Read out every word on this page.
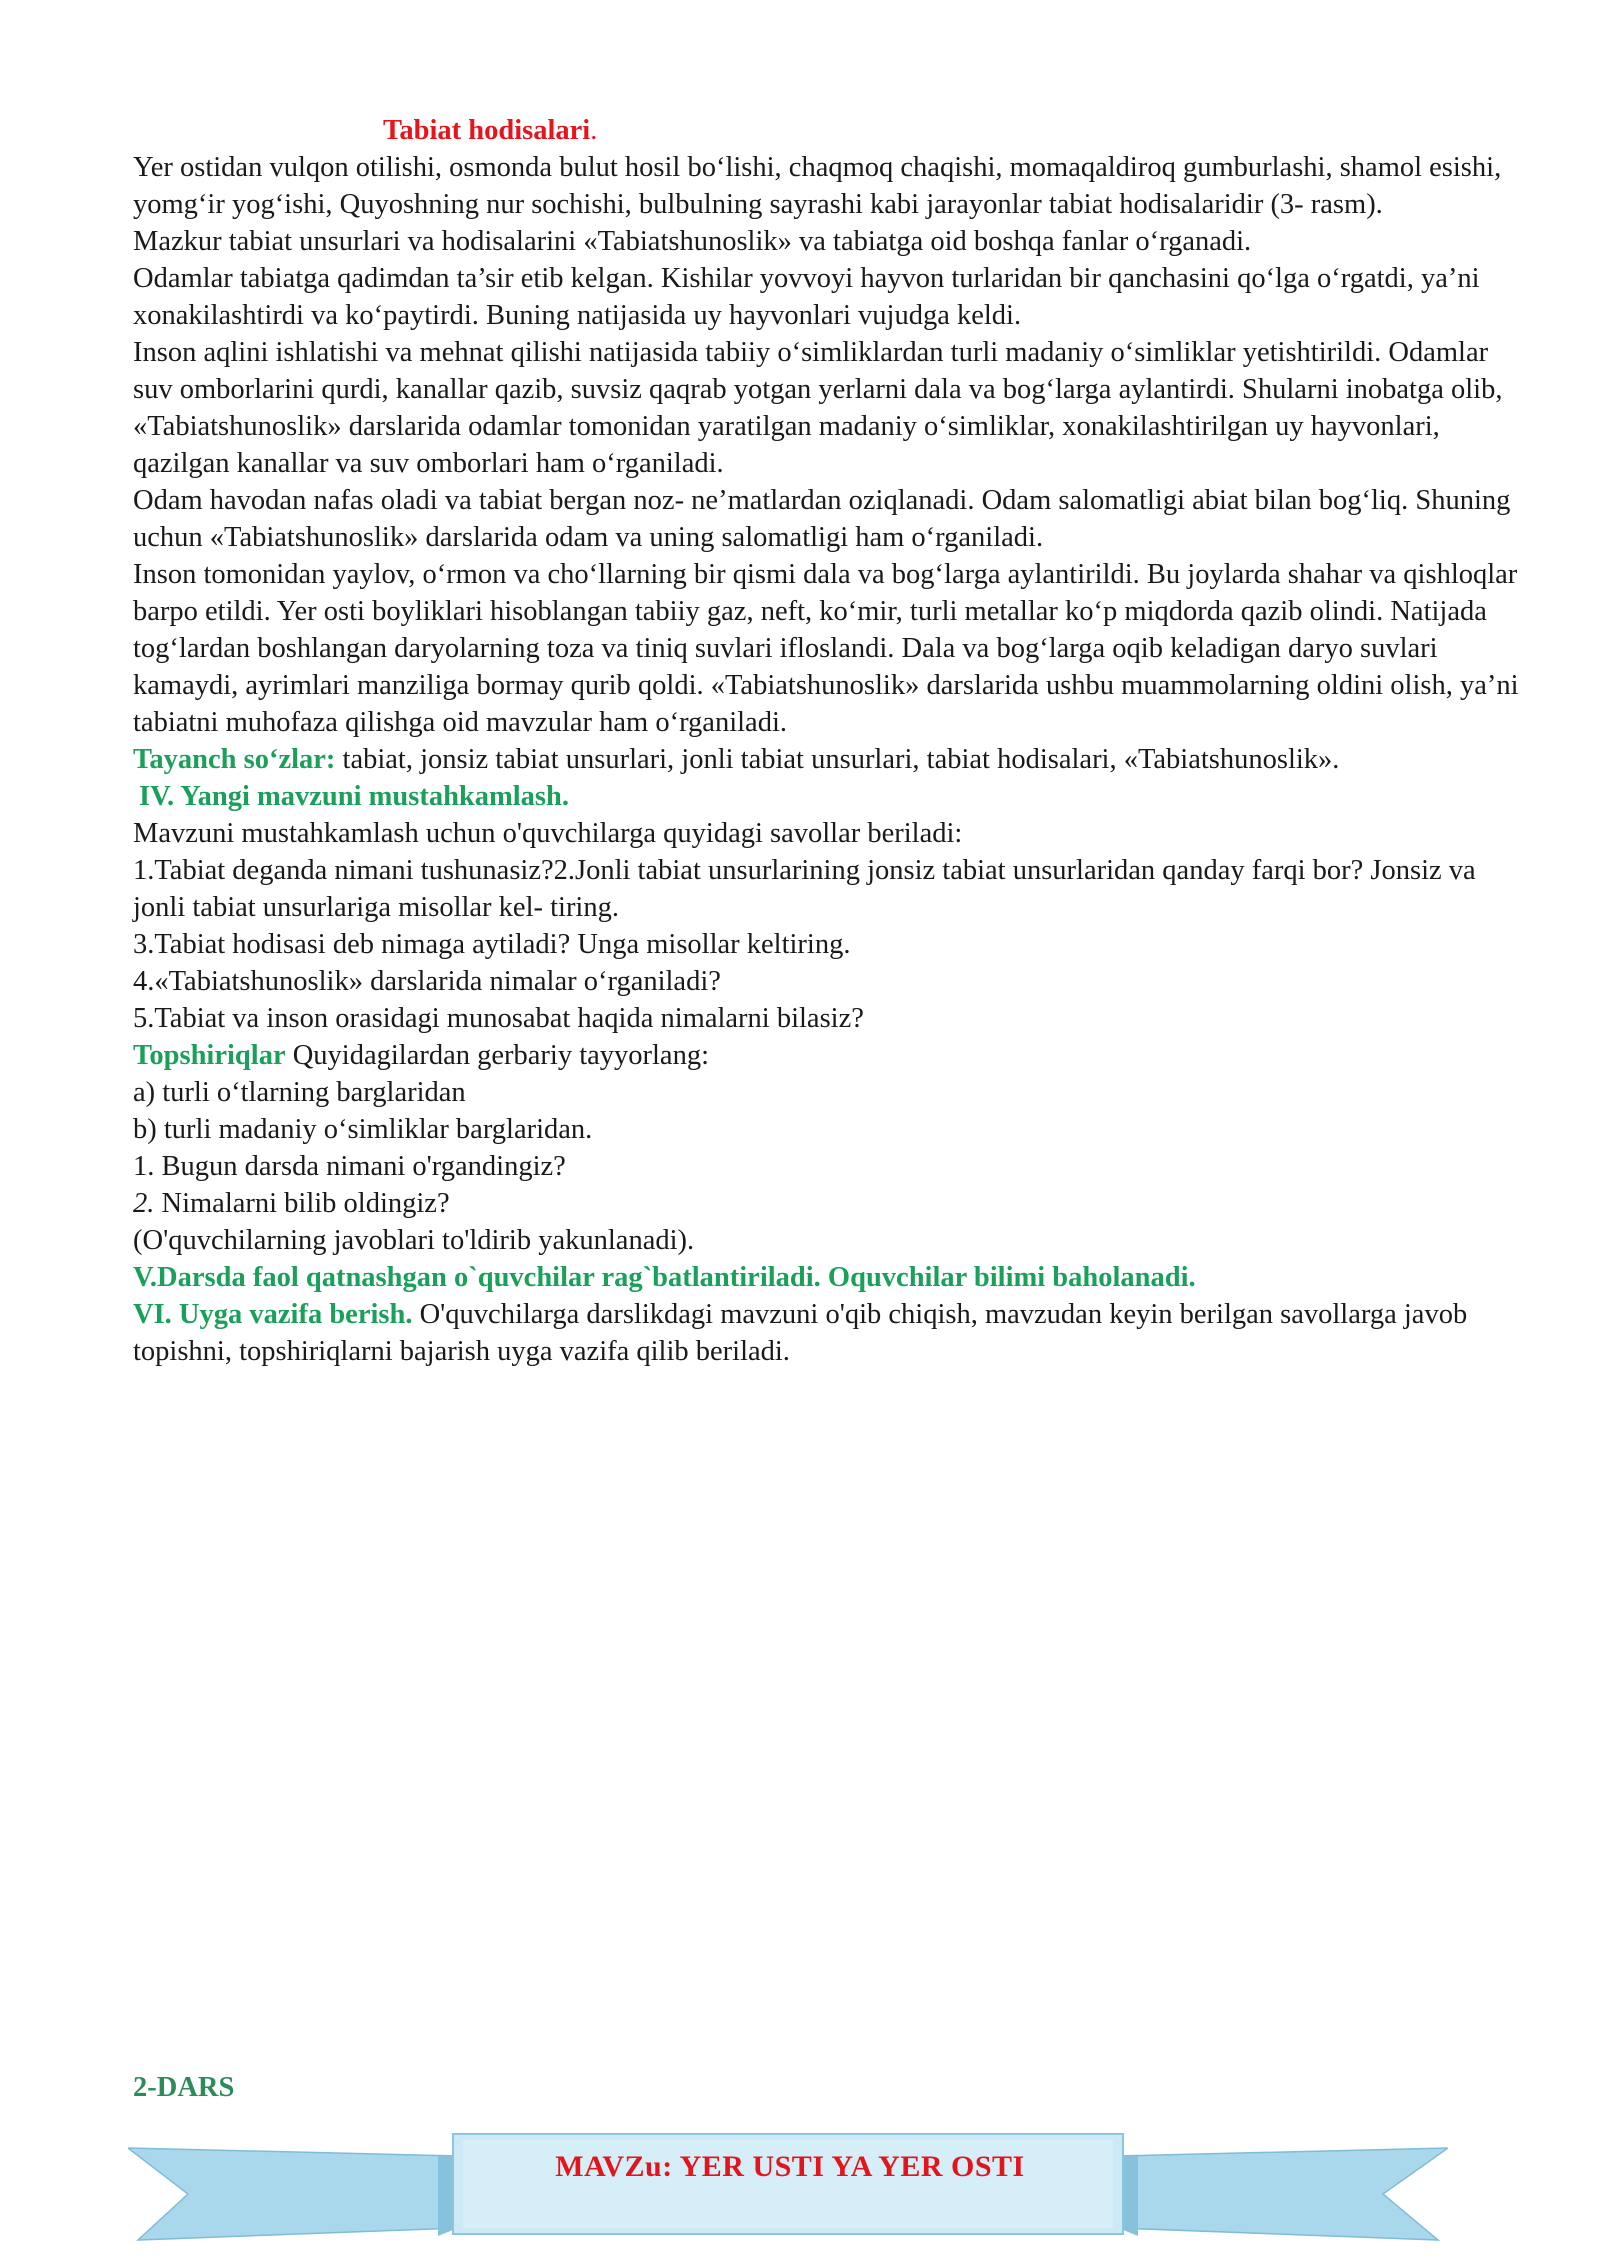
Tabiat hodisalari.

Yer ostidan vulqon otilishi, osmonda bulut hosil bo‘lishi, chaqmoq chaqishi, momaqaldiroq gumburlashi, shamol esishi, yomg‘ir yog‘ishi, Quyoshning nur sochishi, bulbulning sayrashi kabi jarayonlar tabiat hodisalaridir (3- rasm).

Mazkur tabiat unsurlari va hodisalarini «Tabiatshunoslik» va tabiatga oid boshqa fanlar o‘rganadi.

Odamlar tabiatga qadimdan ta’sir etib kelgan. Kishilar yovvoyi hayvon turlaridan bir qanchasini qo‘lga o‘rgatdi, ya’ni xonakilashtirdi va ko‘paytirdi. Buning natijasida uy hayvonlari vujudga keldi.

Inson aqlini ishlatishi va mehnat qilishi natijasida tabiiy o‘simliklardan turli madaniy o‘simliklar yetishtirildi. Odamlar suv omborlarini qurdi, kanallar qazib, suvsiz qaqrab yotgan yerlarni dala va bog‘larga aylantirdi. Shularni inobatga olib, «Tabiatshunoslik» darslarida odamlar tomonidan yaratilgan madaniy o‘simliklar, xonakilashtirilgan uy hayvonlari, qazilgan kanallar va suv omborlari ham o‘rganiladi.

Odam havodan nafas oladi va tabiat bergan noz- ne’matlardan oziqlanadi. Odam salomatligi abiat bilan bog‘liq. Shuning uchun «Tabiatshunoslik» darslarida odam va uning salomatligi ham o‘rganiladi.

Inson tomonidan yaylov, o‘rmon va cho‘llarning bir qismi dala va bog‘larga aylantirildi. Bu joylarda shahar va qishloqlar barpo etildi. Yer osti boyliklari hisoblangan tabiiy gaz, neft, ko‘mir, turli metallar ko‘p miqdorda qazib olindi. Natijada tog‘lardan boshlangan daryolarning toza va tiniq suvlari ifloslandi. Dala va bog‘larga oqib keladigan daryo suvlari kamaydi, ayrimlari manziliga bormay qurib qoldi. «Tabiatshunoslik» darslarida ushbu muammolarning oldini olish, ya’ni tabiatni muhofaza qilishga oid mavzular ham o‘rganiladi.

Tayanch so‘zlar: tabiat, jonsiz tabiat unsurlari, jonli tabiat unsurlari, tabiat hodisalari, «Tabiatshunoslik».

IV. Yangi mavzuni mustahkamlash.

Mavzuni mustahkamlash uchun o'quvchilarga quyidagi savollar beriladi:

1.Tabiat deganda nimani tushunasiz?2.Jonli tabiat unsurlarining jonsiz tabiat unsurlaridan qanday farqi bor? Jonsiz va jonli tabiat unsurlariga misollar kel- tiring.

3.Tabiat hodisasi deb nimaga aytiladi? Unga misollar keltiring.

4.«Tabiatshunoslik» darslarida nimalar o‘rganiladi?

5.Tabiat va inson orasidagi munosabat haqida nimalarni bilasiz?

Topshiriqlar Quyidagilardan gerbariy tayyorlang:

a) turli o‘tlarning barglaridan

b) turli madaniy o‘simliklar barglaridan.

1. Bugun darsda nimani o'rgandingiz?

2. Nimalarni bilib oldingiz?

(O'quvchilarning javoblari to'ldirib yakunlanadi).

V.Darsda faol qatnashgan o`quvchilar rag`batlantiriladi. Oquvchilar bilimi baholanadi.

VI. Uyga vazifa berish. O'quvchilarga darslikdagi mavzuni o'qib chiqish, mavzudan keyin berilgan savollarga javob topishni, topshiriqlarni bajarish uyga vazifa qilib beriladi.

2-DARS
MAVZu: YER USTI YA YER OSTI
